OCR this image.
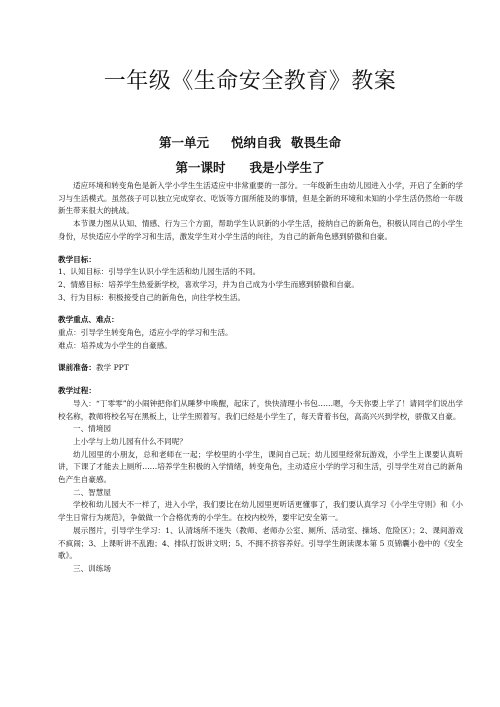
一年级《生命安全教育》教案
第一单元 悦纳自我 敬畏生命
第一课时 我是小学生了

适应环境和转变角色是新入学小学生生活适应中非常重要的一部分。一年级新生由幼儿园进入小学，开启了全新的学习与生活模式。虽然孩子可以独立完成穿衣、吃饭等方面所能及的事情，但是全新的环境和未知的小学生活仍然给一年级新生带来很大的挑战。

本节课力图从认知、情感、行为三个方面，帮助学生认识新的小学生活，接纳自己的新角色，积极认同自己的小学生身份，尽快适应小学的学习和生活，激发学生对小学生活的向往，为自己的新角色感到骄傲和自豪。

教学目标：

1、认知目标：引导学生认识小学生活和幼儿园生活的不同。

2、情感目标：培养学生热爱新学校，喜欢学习，并为自己成为小学生而感到骄傲和自豪。

3、行为目标：积极接受自己的新角色，向往学校生活。

教学重点、难点：

重点：引导学生转变角色，适应小学的学习和生活。

难点：培养成为小学生的自豪感。

课前准备：教学 PPT

教学过程：

导入：“丁零零”的小闹钟把你们从睡梦中唤醒，起床了，快快清理小书包……嗯，今天你要上学了！请同学们说出学校名称，教师将校名写在黑板上，让学生照着写。我们已经是小学生了，每天背着书包，高高兴兴到学校，骄傲又自豪。

一、情境园

上小学与上幼儿园有什么不同呢？

幼儿园里的小朋友，总和老师在一起；学校里的小学生，课间自己玩；幼儿园里经常玩游戏，小学生上课要认真听讲，下课了才能去上厕所……培养学生积极的入学情绪，转变角色，主动适应小学的学习和生活，引导学生对自己的新角色产生自豪感。

二、智慧屋

学校和幼儿园大不一样了，进入小学，我们要比在幼儿园里更听话更懂事了，我们要认真学习《小学生守则》和《小学生日常行为规范》，争做做一个合格优秀的小学生。在校内校外，要牢记安全第一。

展示图片，引导学生学习：1、认清场所不迷失（教师、老师办公室、厕所、活动室、操场、危险区）；2、课间游戏不疯闹；3、上课听讲不乱跑；4、排队打饭讲文明；5、不拥不挤容养好。引导学生朗读课本第 5 页锦囊小卷中的《安全歌》。

三、训练场
